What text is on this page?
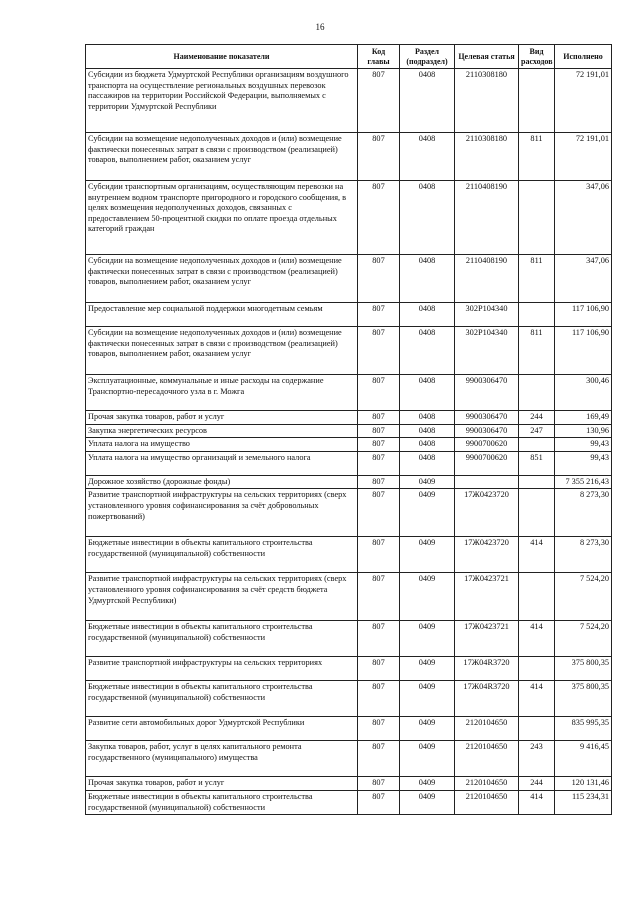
16
Наименование показатели	Код главы	Раздел (подраздел)	Целевая статья	Вид расходов	Исполнено
Субсидии из бюджета Удмуртской Республики организациям воздушного транспорта на осуществление региональных воздушных перевозок пассажиров на территории Российской Федерации, выполняемых с территории Удмуртской Республики	807	0408	2110308180		72 191,01
Субсидии на возмещение недополученных доходов и (или) возмещение фактически понесенных затрат в связи с производством (реализацией) товаров, выполнением работ, оказанием услуг	807	0408	2110308180	811	72 191,01
Субсидии транспортным организациям, осуществляющим перевозки на внутреннем водном транспорте пригородного и городского сообщения, в целях возмещения недополученных доходов, связанных с предоставлением 50-процентной скидки по оплате проезда отдельных категорий граждан	807	0408	2110408190		347,06
Субсидии на возмещение недополученных доходов и (или) возмещение фактически понесенных затрат в связи с производством (реализацией) товаров, выполнением работ, оказанием услуг	807	0408	2110408190	811	347,06
Предоставление мер социальной поддержки многодетным семьям	807	0408	302P104340		117 106,90
Субсидии на возмещение недополученных доходов и (или) возмещение фактически понесенных затрат в связи с производством (реализацией) товаров, выполнением работ, оказанием услуг	807	0408	302P104340	811	117 106,90
Эксплуатационные, коммунальные и иные расходы на содержание Транспортно-пересадочного узла в г. Можга	807	0408	9900306470		300,46
Прочая закупка товаров, работ и услуг	807	0408	9900306470	244	169,49
Закупка энергетических ресурсов	807	0408	9900306470	247	130,96
Уплата налога на имущество	807	0408	9900700620		99,43
Уплата налога на имущество организаций и земельного налога	807	0408	9900700620	851	99,43
Дорожное хозяйство (дорожные фонды)	807	0409			7 355 216,43
Развитие транспортной инфраструктуры на сельских территориях (сверх установленного уровня софинансирования за счёт добровольных пожертвований)	807	0409	17Ж0423720		8 273,30
Бюджетные инвестиции в объекты капитального строительства государственной (муниципальной) собственности	807	0409	17Ж0423720	414	8 273,30
Развитие транспортной инфраструктуры на сельских территориях (сверх установленного уровня софинансирования за счёт средств бюджета Удмуртской Республики)	807	0409	17Ж0423721		7 524,20
Бюджетные инвестиции в объекты капитального строительства государственной (муниципальной) собственности	807	0409	17Ж0423721	414	7 524,20
Развитие транспортной инфраструктуры на сельских территориях	807	0409	17Ж04R3720		375 800,35
Бюджетные инвестиции в объекты капитального строительства государственной (муниципальной) собственности	807	0409	17Ж04R3720	414	375 800,35
Развитие сети автомобильных дорог Удмуртской Республики	807	0409	2120104650		835 995,35
Закупка товаров, работ, услуг в целях капитального ремонта государственного (муниципального) имущества	807	0409	2120104650	243	9 416,45
Прочая закупка товаров, работ и услуг	807	0409	2120104650	244	120 131,46
Бюджетные инвестиции в объекты капитального строительства государственной (муниципальной) собственности	807	0409	2120104650	414	115 234,31
